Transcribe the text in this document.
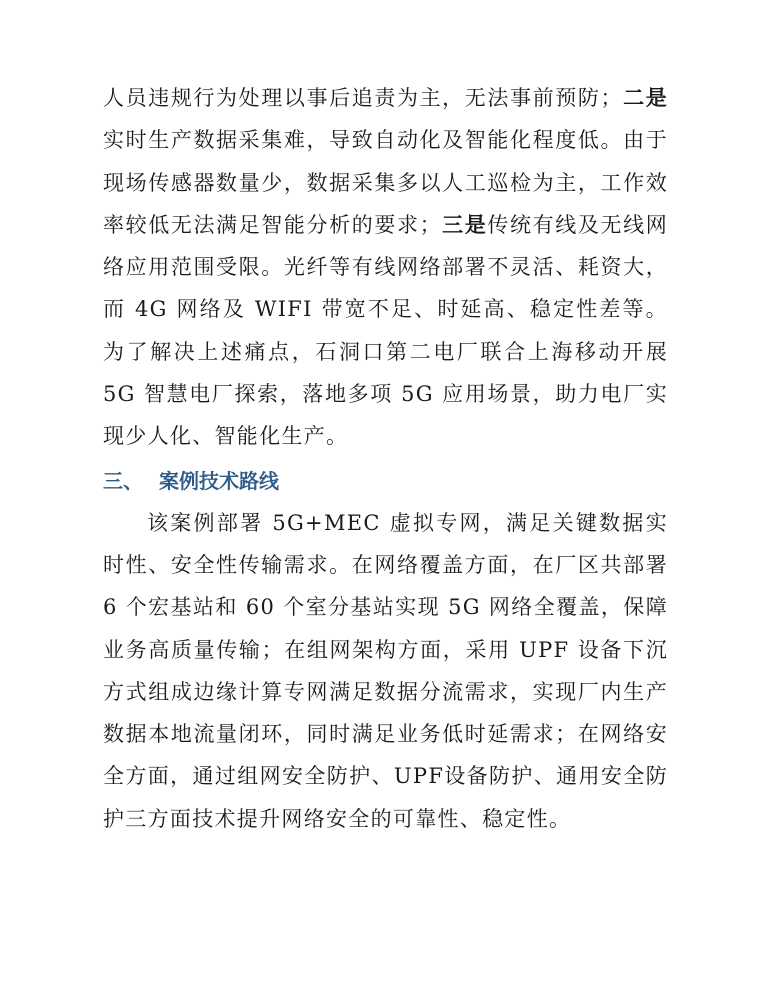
人员违规行为处理以事后追责为主，无法事前预防；二是实时生产数据采集难，导致自动化及智能化程度低。由于现场传感器数量少，数据采集多以人工巡检为主，工作效率较低无法满足智能分析的要求；三是传统有线及无线网络应用范围受限。光纤等有线网络部署不灵活、耗资大，而 4G 网络及 WIFI 带宽不足、时延高、稳定性差等。为了解决上述痛点，石洞口第二电厂联合上海移动开展 5G 智慧电厂探索，落地多项 5G 应用场景，助力电厂实现少人化、智能化生产。

三、 案例技术路线

该案例部署 5G+MEC 虚拟专网，满足关键数据实时性、安全性传输需求。在网络覆盖方面，在厂区共部署 6 个宏基站和 60 个室分基站实现 5G 网络全覆盖，保障业务高质量传输；在组网架构方面，采用 UPF 设备下沉方式组成边缘计算专网满足数据分流需求，实现厂内生产数据本地流量闭环，同时满足业务低时延需求；在网络安全方面，通过组网安全防护、UPF设备防护、通用安全防护三方面技术提升网络安全的可靠性、稳定性。
